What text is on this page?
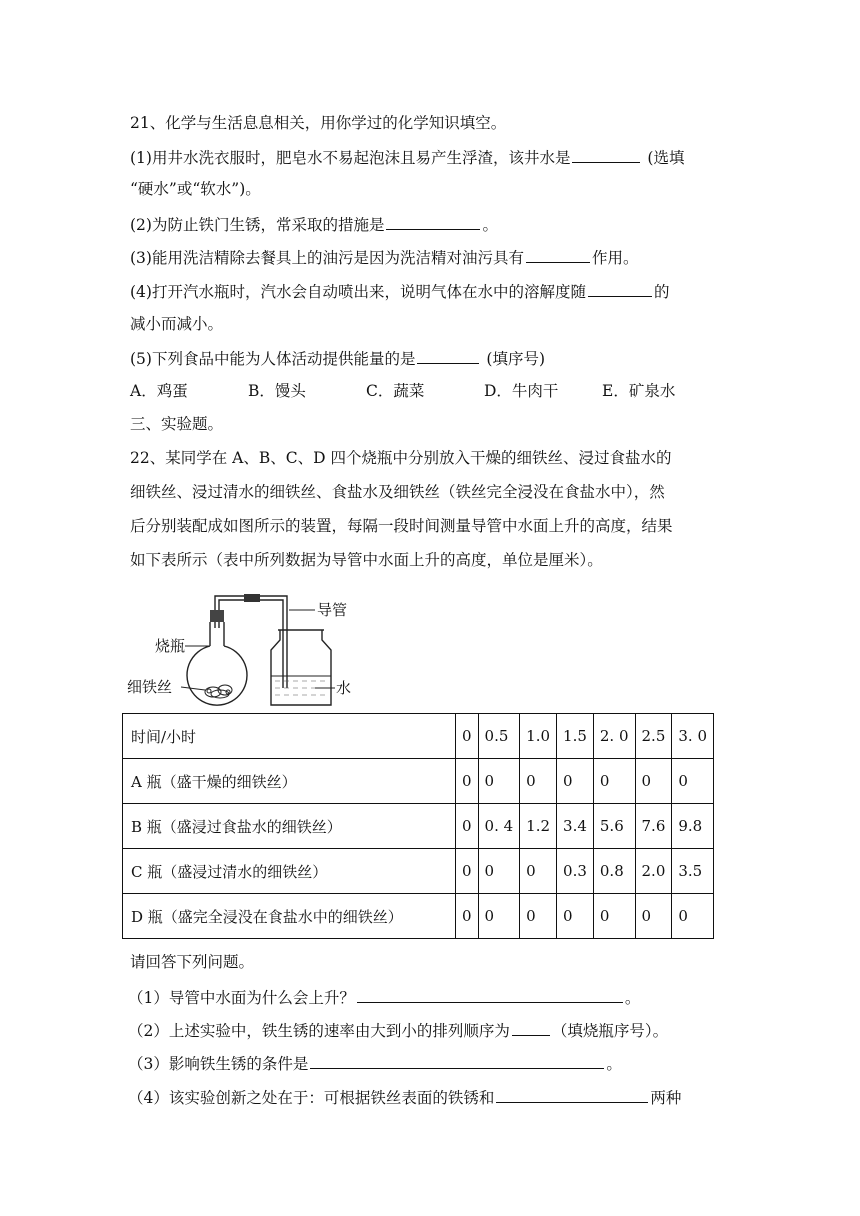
21、化学与生活息息相关，用你学过的化学知识填空。
(1)用井水洗衣服时，肥皂水不易起泡沫且易产生浮渣，该井水是	(选填
“硬水”或“软水”)。
(2)为防止铁门生锈，常采取的措施是	。
(3)能用洗洁精除去餐具上的油污是因为洗洁精对油污具有	作用。
(4)打开汽水瓶时，汽水会自动喷出来，说明气体在水中的溶解度随	的
减小而减小。
(5)下列食品中能为人体活动提供能量的是	(填序号)
A．鸡蛋	B．馒头	C．蔬菜	D．牛肉干	E．矿泉水
三、实验题。
22、某同学在 A、B、C、D 四个烧瓶中分别放入干燥的细铁丝、浸过食盐水的
细铁丝、浸过清水的细铁丝、食盐水及细铁丝（铁丝完全浸没在食盐水中），然
后分别装配成如图所示的装置，每隔一段时间测量导管中水面上升的高度，结果
如下表所示（表中所列数据为导管中水面上升的高度，单位是厘米）。
导管
烧瓶
细铁丝	水
时间/小时	0	0.5	1.0	1.5	2. 0	2.5	3. 0
A 瓶（盛干燥的细铁丝）	0	0	0	0	0	0	0
B 瓶（盛浸过食盐水的细铁丝）	0	0. 4	1.2	3.4	5.6	7.6	9.8
C 瓶（盛浸过清水的细铁丝）	0	0	0	0.3	0.8	2.0	3.5
D 瓶（盛完全浸没在食盐水中的细铁丝）	0	0	0	0	0	0	0
请回答下列问题。
（1）导管中水面为什么会上升？	。
（2）上述实验中，铁生锈的速率由大到小的排列顺序为	（填烧瓶序号）。
（3）影响铁生锈的条件是	。
（4）该实验创新之处在于：可根据铁丝表面的铁锈和	两种
